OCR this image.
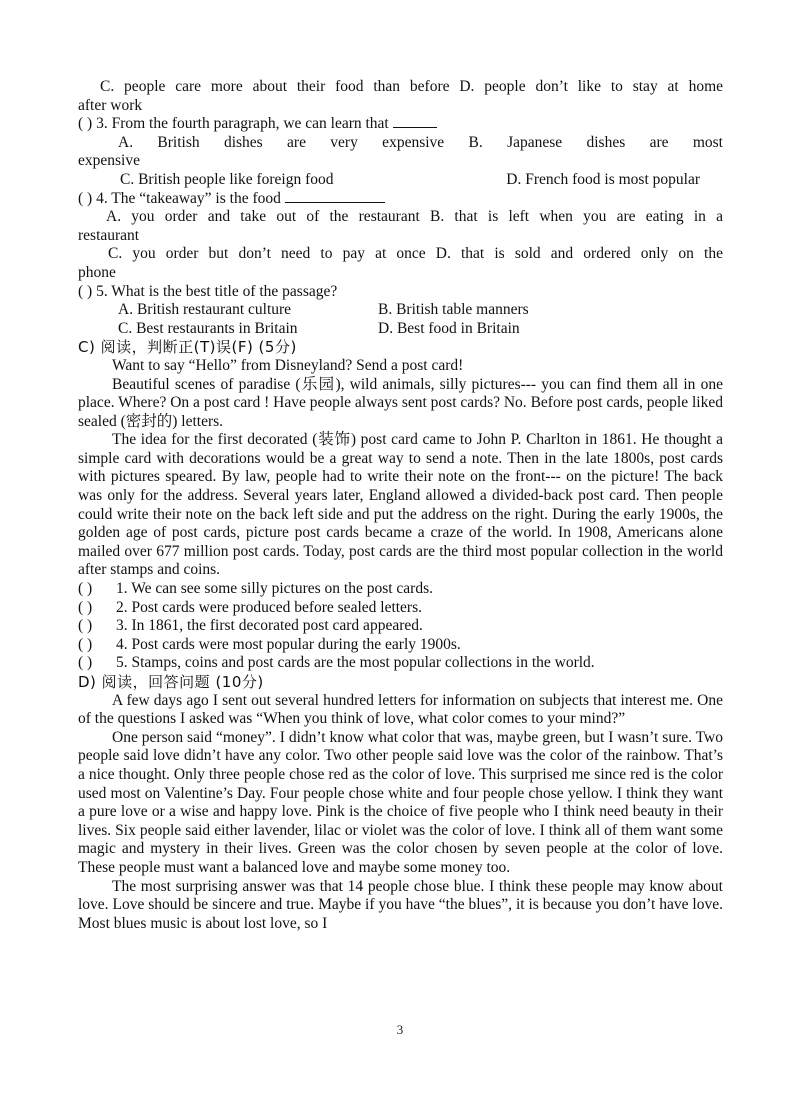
C. people care more about their food than before D. people don’t like to stay at home
after work
( ) 3. From the fourth paragraph, we can learn that
A. British dishes are very expensive B. Japanese dishes are most
expensive
C. British people like foreign food	D. French food is most popular
( ) 4. The “takeaway” is the food
A. you order and take out of the restaurant B. that is left when you are eating in a
restaurant
C. you order but don’t need to pay at once D. that is sold and ordered only on the
phone
( ) 5. What is the best title of the passage?
A. British restaurant culture	B. British table manners
C. Best restaurants in Britain	D. Best food in Britain
C) 阅读，判断正(T)误(F) (5分)
Want to say “Hello” from Disneyland? Send a post card!
Beautiful scenes of paradise (乐园), wild animals, silly pictures--- you can find them all in one place. Where? On a post card ! Have people always sent post cards? No. Before post cards, people liked sealed (密封的) letters.
The idea for the first decorated (装饰) post card came to John P. Charlton in 1861. He thought a simple card with decorations would be a great way to send a note. Then in the late 1800s, post cards with pictures speared. By law, people had to write their note on the front--- on the picture! The back was only for the address. Several years later, England allowed a divided-back post card. Then people could write their note on the back left side and put the address on the right. During the early 1900s, the golden age of post cards, picture post cards became a craze of the world. In 1908, Americans alone mailed over 677 million post cards. Today, post cards are the third most popular collection in the world after stamps and coins.
( )	1. We can see some silly pictures on the post cards.
( )	2. Post cards were produced before sealed letters.
( )	3. In 1861, the first decorated post card appeared.
( )	4. Post cards were most popular during the early 1900s.
( )	5. Stamps, coins and post cards are the most popular collections in the world.
D) 阅读，回答问题 (10分)
A few days ago I sent out several hundred letters for information on subjects that interest me. One of the questions I asked was “When you think of love, what color comes to your mind?”
One person said “money”. I didn’t know what color that was, maybe green, but I wasn’t sure. Two people said love didn’t have any color. Two other people said love was the color of the rainbow. That’s a nice thought. Only three people chose red as the color of love. This surprised me since red is the color used most on Valentine’s Day. Four people chose white and four people chose yellow. I think they want a pure love or a wise and happy love. Pink is the choice of five people who I think need beauty in their lives. Six people said either lavender, lilac or violet was the color of love. I think all of them want some magic and mystery in their lives. Green was the color chosen by seven people at the color of love. These people must want a balanced love and maybe some money too.
The most surprising answer was that 14 people chose blue. I think these people may know about love. Love should be sincere and true. Maybe if you have “the blues”, it is because you don’t have love. Most blues music is about lost love, so I
3
